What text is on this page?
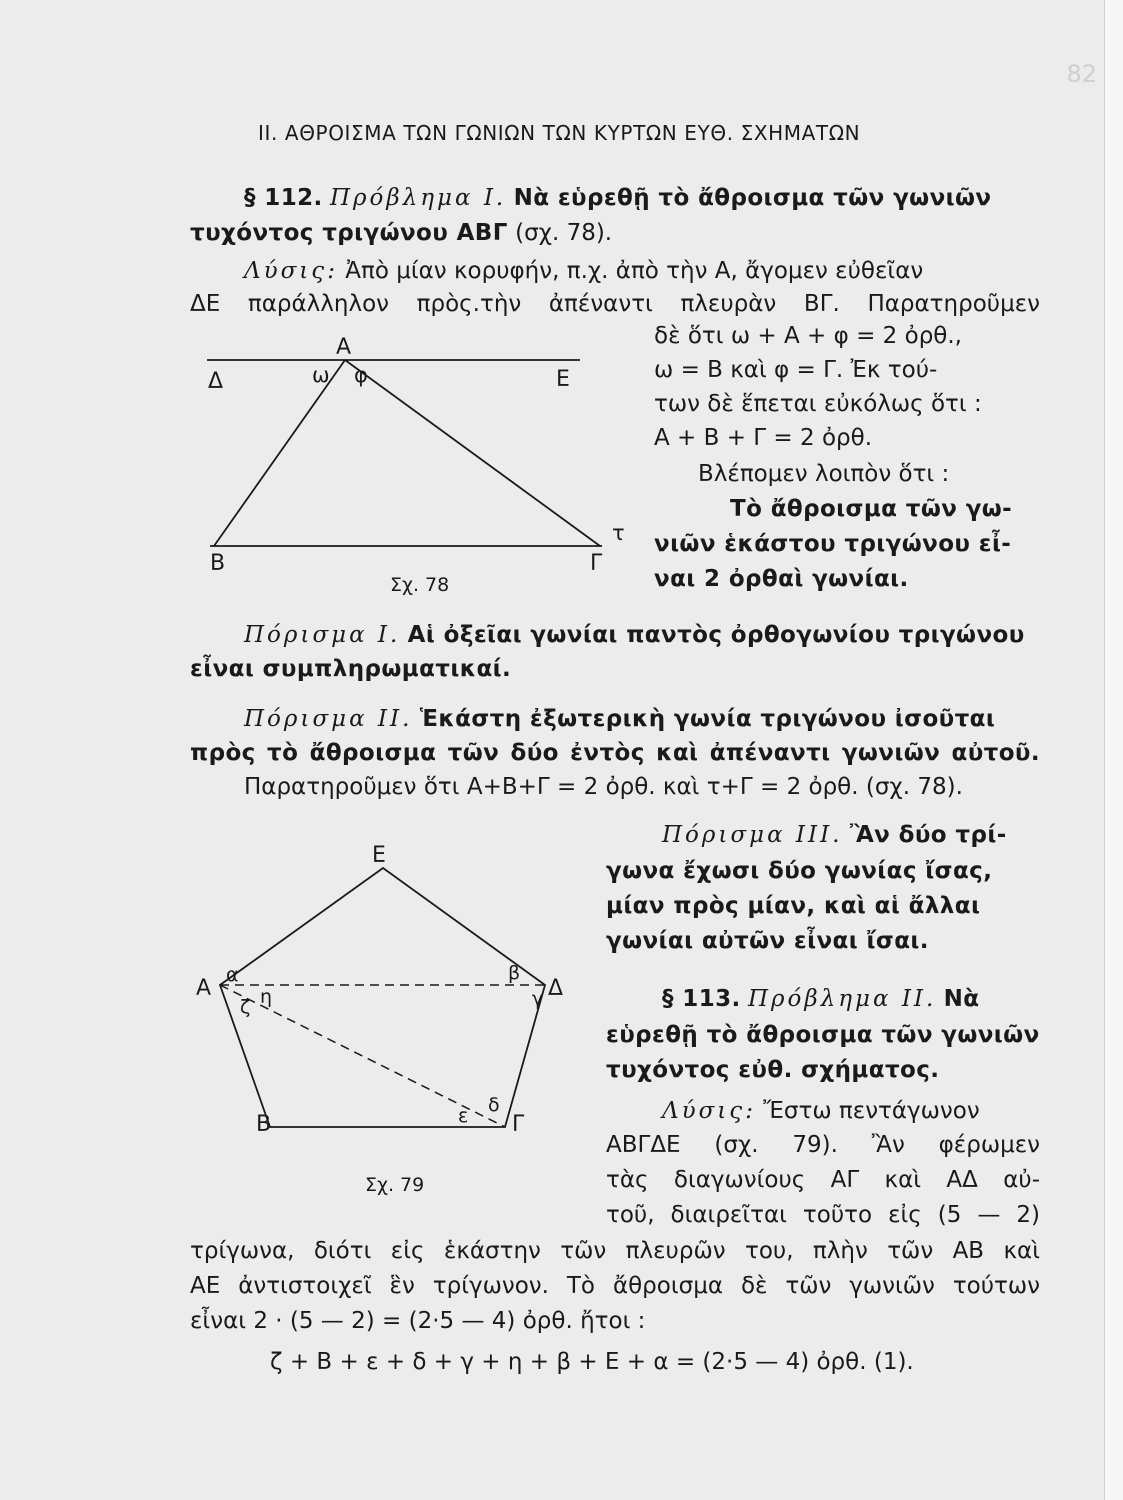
82
ΙΙ. ΑΘΡΟΙΣΜΑ ΤΩΝ ΓΩΝΙΩΝ ΤΩΝ ΚΥΡΤΩΝ ΕΥΘ. ΣΧΗΜΑΤΩΝ
§ 112. Πρόβλημα Ι. Νὰ εὑρεθῇ τὸ ἄθροισμα τῶν γωνιῶν
τυχόντος τριγώνου ΑΒΓ (σχ. 78).
Λύσις: Ἀπὸ μίαν κορυφήν, π.χ. ἀπὸ τὴν Α, ἄγομεν εὐθεῖαν
ΔΕ παράλληλον πρὸς.τὴν ἀπέναντι πλευρὰν ΒΓ. Παρατηροῦμεν
δὲ ὅτι ω + Α + φ = 2 ὀρθ.,
ω = Β καὶ φ = Γ. Ἐκ τού-
των δὲ ἕπεται εὐκόλως ὅτι :
Α + Β + Γ = 2 ὀρθ.
Βλέπομεν λοιπὸν ὅτι :
Τὸ ἄθροισμα τῶν γω-
νιῶν ἑκάστου τριγώνου εἶ-
ναι 2 ὀρθαὶ γωνίαι.
Α
Δ	Ε
Β	Γ
ω φ
τ
Σχ. 78
Πόρισμα Ι. Αἱ ὀξεῖαι γωνίαι παντὸς ὀρθογωνίου τριγώνου
εἶναι συμπληρωματικαί.
Πόρισμα ΙΙ. Ἑκάστη ἐξωτερικὴ γωνία τριγώνου ἰσοῦται
πρὸς τὸ ἄθροισμα τῶν δύο ἐντὸς καὶ ἀπέναντι γωνιῶν αὐτοῦ.
Παρατηροῦμεν ὅτι Α+Β+Γ = 2 ὀρθ. καὶ τ+Γ = 2 ὀρθ. (σχ. 78).
Πόρισμα ΙΙΙ. Ἂν δύο τρί-
γωνα ἔχωσι δύο γωνίας ἴσας,
μίαν πρὸς μίαν, καὶ αἱ ἄλλαι
γωνίαι αὐτῶν εἶναι ἴσαι.
Ε
Α	Δ
Β	Γ
α	β
γ
δ
ε
ζ η
Σχ. 79
§ 113. Πρόβλημα ΙΙ. Νὰ
εὑρεθῇ τὸ ἄθροισμα τῶν γωνιῶν
τυχόντος εὐθ. σχήματος.
Λύσις: Ἔστω πεντάγωνον
ΑΒΓΔΕ (σχ. 79). Ἂν φέρωμεν
τὰς διαγωνίους ΑΓ καὶ ΑΔ αὐ-
τοῦ, διαιρεῖται τοῦτο εἰς (5 — 2)
τρίγωνα, διότι εἰς ἑκάστην τῶν πλευρῶν του, πλὴν τῶν ΑΒ καὶ
ΑΕ ἀντιστοιχεῖ ἓν τρίγωνον. Τὸ ἄθροισμα δὲ τῶν γωνιῶν τούτων
εἶναι 2 · (5 — 2) = (2·5 — 4) ὀρθ. ἤτοι :
ζ + Β + ε + δ + γ + η + β + Ε + α = (2·5 — 4) ὀρθ. (1).
